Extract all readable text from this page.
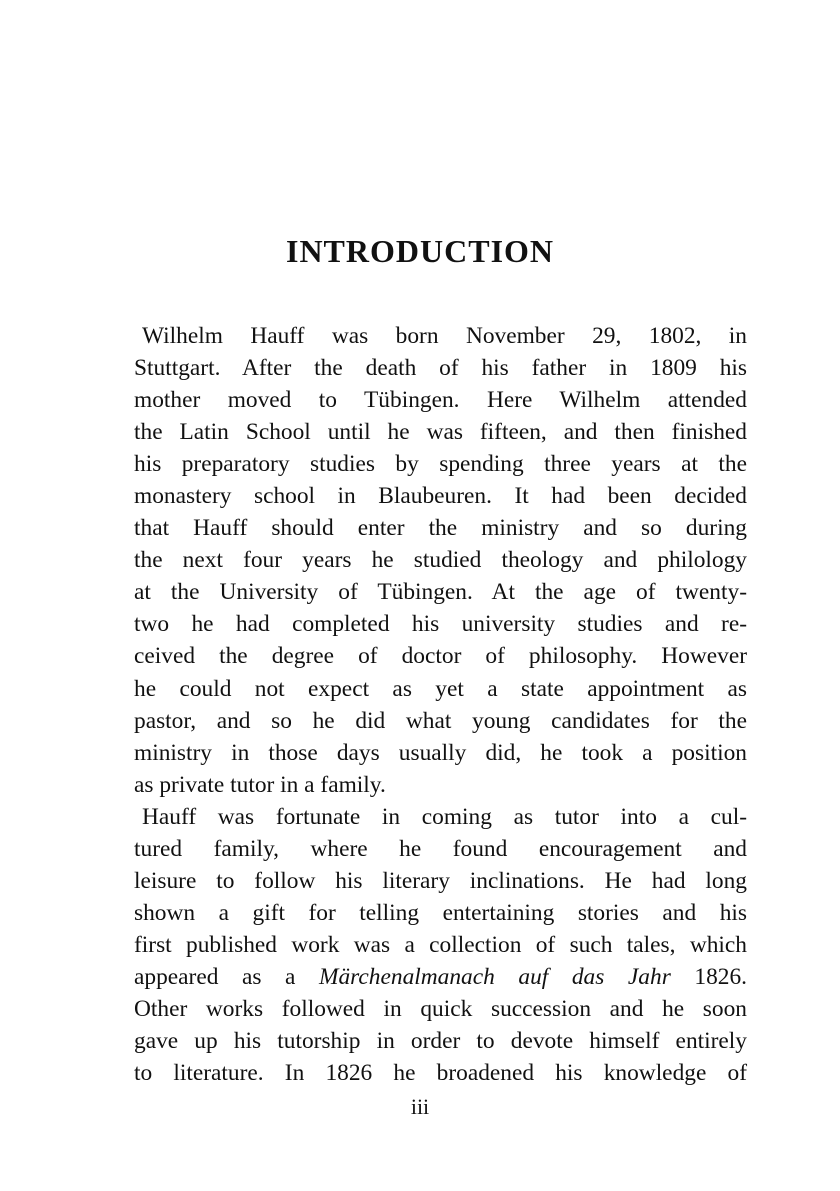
INTRODUCTION
Wilhelm Hauff was born November 29, 1802, in
Stuttgart. After the death of his father in 1809 his
mother moved to Tübingen. Here Wilhelm attended
the Latin School until he was fifteen, and then finished
his preparatory studies by spending three years at the
monastery school in Blaubeuren. It had been decided
that Hauff should enter the ministry and so during
the next four years he studied theology and philology
at the University of Tübingen. At the age of twenty-
two he had completed his university studies and re-
ceived the degree of doctor of philosophy. However
he could not expect as yet a state appointment as
pastor, and so he did what young candidates for the
ministry in those days usually did, he took a position
as private tutor in a family.
Hauff was fortunate in coming as tutor into a cul-
tured family, where he found encouragement and
leisure to follow his literary inclinations. He had long
shown a gift for telling entertaining stories and his
first published work was a collection of such tales, which
appeared as a Märchenalmanach auf das Jahr 1826.
Other works followed in quick succession and he soon
gave up his tutorship in order to devote himself entirely
to literature. In 1826 he broadened his knowledge of
iii
